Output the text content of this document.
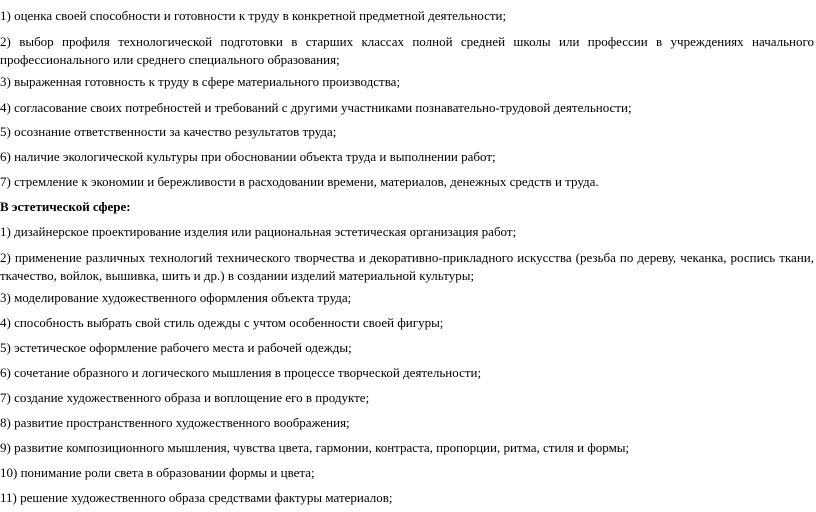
1) оценка своей способности и готовности к труду в конкретной предметной деятельности;
2) выбор профиля технологической подготовки в старших классах полной средней школы или профессии в учреждениях начального профессионального или среднего специального образования;
3) выраженная готовность к труду в сфере материального производства;
4) согласование своих потребностей и требований с другими участниками познавательно-трудовой деятельности;
5) осознание ответственности за качество результатов труда;
6) наличие экологической культуры при обосновании объекта труда и выполнении работ;
7) стремление к экономии и бережливости в расходовании времени, материалов, денежных средств и труда.
В эстетической сфере:
1) дизайнерское проектирование изделия или рациональная эстетическая организация работ;
2) применение различных технологий технического творчества и декоративно-прикладного искусства (резьба по дереву, чеканка, роспись ткани, ткачество, войлок, вышивка, шить и др.) в создании изделий материальной культуры;
3) моделирование художественного оформления объекта труда;
4) способность выбрать свой стиль одежды с учтом особенности своей фигуры;
5) эстетическое оформление рабочего места и рабочей одежды;
6) сочетание образного и логического мышления в процессе творческой деятельности;
7) создание художественного образа и воплощение его в продукте;
8) развитие пространственного художественного воображения;
9) развитие композиционного мышления, чувства цвета, гармонии, контраста, пропорции, ритма, стиля и формы;
10) понимание роли света в образовании формы и цвета;
11) решение художественного образа средствами фактуры материалов;
